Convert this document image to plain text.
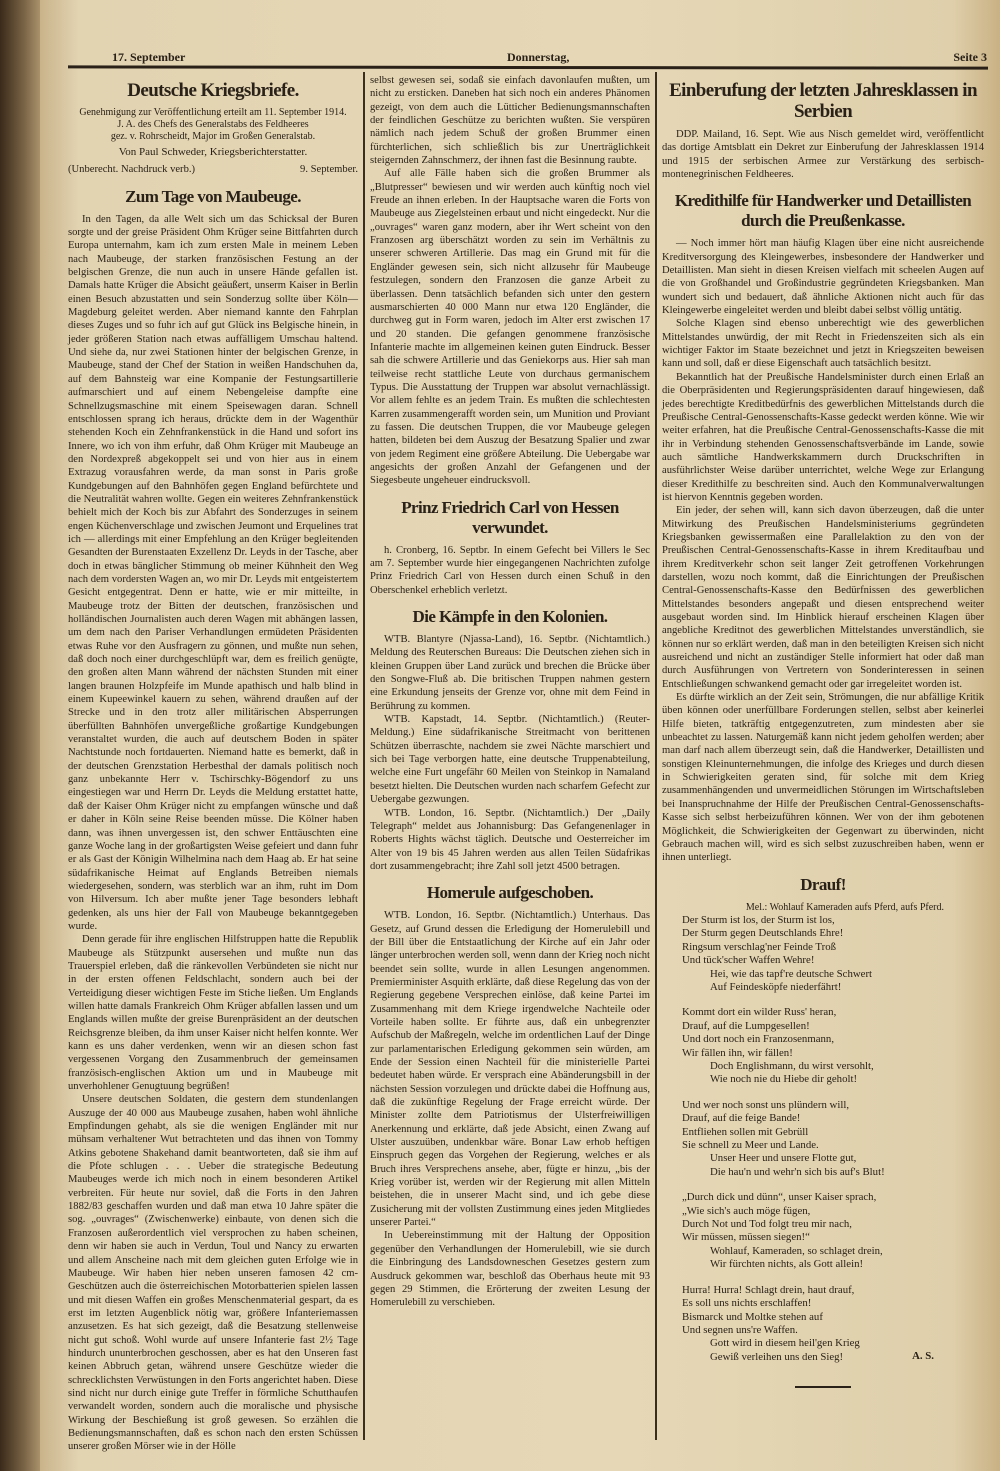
17. September	Donnerstag,	Seite 3
Deutsche Kriegsbriefe.

Genehmigung zur Veröffentlichung erteilt am 11. September 1914.

J. A. des Chefs des Generalstabs des Feldheeres

gez. v. Rohrscheidt, Major im Großen Generalstab.

Von Paul Schweder, Kriegsberichterstatter.

(Unberecht. Nachdruck verb.)	9. September.

Zum Tage von Maubeuge.

In den Tagen, da alle Welt sich um das Schicksal der Buren sorgte und der greise Präsident Ohm Krüger seine Bittfahrten durch Europa unternahm, kam ich zum ersten Male in meinem Leben nach Maubeuge, der starken französischen Festung an der belgischen Grenze, die nun auch in unsere Hände gefallen ist. Damals hatte Krüger die Absicht geäußert, unserm Kaiser in Berlin einen Besuch abzustatten und sein Sonderzug sollte über Köln—Magdeburg geleitet werden. Aber niemand kannte den Fahrplan dieses Zuges und so fuhr ich auf gut Glück ins Belgische hinein, in jeder größeren Station nach etwas auffälligem Umschau haltend. Und siehe da, nur zwei Stationen hinter der belgischen Grenze, in Maubeuge, stand der Chef der Station in weißen Handschuhen da, auf dem Bahnsteig war eine Kompanie der Festungsartillerie aufmarschiert und auf einem Nebengeleise dampfte eine Schnellzugsmaschine mit einem Speisewagen daran. Schnell entschlossen sprang ich heraus, drückte dem in der Wagenthür stehenden Koch ein Zehnfrankenstück in die Hand und sofort ins Innere, wo ich von ihm erfuhr, daß Ohm Krüger mit Maubeuge an den Nordexpreß abgekoppelt sei und von hier aus in einem Extrazug vorausfahren werde, da man sonst in Paris große Kundgebungen auf den Bahnhöfen gegen England befürchtete und die Neutralität wahren wollte. Gegen ein weiteres Zehnfrankenstück behielt mich der Koch bis zur Abfahrt des Sonderzuges in seinem engen Küchenverschlage und zwischen Jeumont und Erquelines trat ich — allerdings mit einer Empfehlung an den Krüger begleitenden Gesandten der Burenstaaten Exzellenz Dr. Leyds in der Tasche, aber doch in etwas bänglicher Stimmung ob meiner Kühnheit den Weg nach dem vordersten Wagen an, wo mir Dr. Leyds mit entgeistertem Gesicht entgegentrat. Denn er hatte, wie er mir mitteilte, in Maubeuge trotz der Bitten der deutschen, französischen und holländischen Journalisten auch deren Wagen mit abhängen lassen, um dem nach den Pariser Verhandlungen ermüdeten Präsidenten etwas Ruhe vor den Ausfragern zu gönnen, und mußte nun sehen, daß doch noch einer durchgeschlüpft war, dem es freilich genügte, den großen alten Mann während der nächsten Stunden mit einer langen braunen Holzpfeife im Munde apathisch und halb blind in einem Kupeewinkel kauern zu sehen, während draußen auf der Strecke und in den trotz aller militärischen Absperrungen überfüllten Bahnhöfen unvergeßliche großartige Kundgebungen veranstaltet wurden, die auch auf deutschem Boden in später Nachtstunde noch fortdauerten. Niemand hatte es bemerkt, daß in der deutschen Grenzstation Herbesthal der damals politisch noch ganz unbekannte Herr v. Tschirschky-Bögendorf zu uns eingestiegen war und Herrn Dr. Leyds die Meldung erstattet hatte, daß der Kaiser Ohm Krüger nicht zu empfangen wünsche und daß er daher in Köln seine Reise beenden müsse. Die Kölner haben dann, was ihnen unvergessen ist, den schwer Enttäuschten eine ganze Woche lang in der großartigsten Weise gefeiert und dann fuhr er als Gast der Königin Wilhelmina nach dem Haag ab. Er hat seine südafrikanische Heimat auf Englands Betreiben niemals wiedergesehen, sondern, was sterblich war an ihm, ruht im Dom von Hilversum. Ich aber mußte jener Tage besonders lebhaft gedenken, als uns hier der Fall von Maubeuge bekanntgegeben wurde.

Denn gerade für ihre englischen Hilfstruppen hatte die Republik Maubeuge als Stützpunkt ausersehen und mußte nun das Trauerspiel erleben, daß die ränkevollen Verbündeten sie nicht nur in der ersten offenen Feldschlacht, sondern auch bei der Verteidigung dieser wichtigen Feste im Stiche ließen. Um Englands willen hatte damals Frankreich Ohm Krüger abfallen lassen und um Englands willen mußte der greise Burenpräsident an der deutschen Reichsgrenze bleiben, da ihm unser Kaiser nicht helfen konnte. Wer kann es uns daher verdenken, wenn wir an diesen schon fast vergessenen Vorgang den Zusammenbruch der gemeinsamen französisch-englischen Aktion um und in Maubeuge mit unverhohlener Genugtuung begrüßen!

Unsere deutschen Soldaten, die gestern dem stundenlangen Auszuge der 40 000 aus Maubeuge zusahen, haben wohl ähnliche Empfindungen gehabt, als sie die wenigen Engländer mit nur mühsam verhaltener Wut betrachteten und das ihnen von Tommy Atkins gebotene Shakehand damit beantworteten, daß sie ihm auf die Pfote schlugen . . . Ueber die strategische Bedeutung Maubeuges werde ich mich noch in einem besonderen Artikel verbreiten. Für heute nur soviel, daß die Forts in den Jahren 1882/83 geschaffen wurden und daß man etwa 10 Jahre später die sog. „ouvrages“ (Zwischenwerke) einbaute, von denen sich die Franzosen außerordentlich viel versprochen zu haben scheinen, denn wir haben sie auch in Verdun, Toul und Nancy zu erwarten und allem Anscheine nach mit dem gleichen guten Erfolge wie in Maubeuge. Wir haben hier neben unseren famosen 42 cm-Geschützen auch die österreichischen Motorbatterien spielen lassen und mit diesen Waffen ein großes Menschenmaterial gespart, da es erst im letzten Augenblick nötig war, größere Infanteriemassen anzusetzen. Es hat sich gezeigt, daß die Besatzung stellenweise nicht gut schoß. Wohl wurde auf unsere Infanterie fast 2½ Tage hindurch ununterbrochen geschossen, aber es hat den Unseren fast keinen Abbruch getan, während unsere Geschütze wieder die schrecklichsten Verwüstungen in den Forts angerichtet haben. Diese sind nicht nur durch einige gute Treffer in förmliche Schutthaufen verwandelt worden, sondern auch die moralische und physische Wirkung der Beschießung ist groß gewesen. So erzählen die Bedienungsmannschaften, daß es schon nach den ersten Schüssen unserer großen Mörser wie in der Hölle

selbst gewesen sei, sodaß sie einfach davonlaufen mußten, um nicht zu ersticken. Daneben hat sich noch ein anderes Phänomen gezeigt, von dem auch die Lütticher Bedienungsmannschaften der feindlichen Geschütze zu berichten wußten. Sie verspüren nämlich nach jedem Schuß der großen Brummer einen fürchterlichen, sich schließlich bis zur Unerträglichkeit steigernden Zahnschmerz, der ihnen fast die Besinnung raubte.

Auf alle Fälle haben sich die großen Brummer als „Blutpresser“ bewiesen und wir werden auch künftig noch viel Freude an ihnen erleben. In der Hauptsache waren die Forts von Maubeuge aus Ziegelsteinen erbaut und nicht eingedeckt. Nur die „ouvrages“ waren ganz modern, aber ihr Wert scheint von den Franzosen arg überschätzt worden zu sein im Verhältnis zu unserer schweren Artillerie. Das mag ein Grund mit für die Engländer gewesen sein, sich nicht allzusehr für Maubeuge festzulegen, sondern den Franzosen die ganze Arbeit zu überlassen. Denn tatsächlich befanden sich unter den gestern ausmarschierten 40 000 Mann nur etwa 120 Engländer, die durchweg gut in Form waren, jedoch im Alter erst zwischen 17 und 20 standen. Die gefangen genommene französische Infanterie machte im allgemeinen keinen guten Eindruck. Besser sah die schwere Artillerie und das Geniekorps aus. Hier sah man teilweise recht stattliche Leute von durchaus germanischem Typus. Die Ausstattung der Truppen war absolut vernachlässigt. Vor allem fehlte es an jedem Train. Es mußten die schlechtesten Karren zusammengerafft worden sein, um Munition und Proviant zu fassen. Die deutschen Truppen, die vor Maubeuge gelegen hatten, bildeten bei dem Auszug der Besatzung Spalier und zwar von jedem Regiment eine größere Abteilung. Die Uebergabe war angesichts der großen Anzahl der Gefangenen und der Siegesbeute ungeheuer eindrucksvoll.

Prinz Friedrich Carl von Hessen verwundet.

h. Cronberg, 16. Septbr. In einem Gefecht bei Villers le Sec am 7. September wurde hier eingegangenen Nachrichten zufolge Prinz Friedrich Carl von Hessen durch einen Schuß in den Oberschenkel erheblich verletzt.

Die Kämpfe in den Kolonien.

WTB. Blantyre (Njassa-Land), 16. Septbr. (Nichtamtlich.) Meldung des Reuterschen Bureaus: Die Deutschen ziehen sich in kleinen Gruppen über Land zurück und brechen die Brücke über den Songwe-Fluß ab. Die britischen Truppen nahmen gestern eine Erkundung jenseits der Grenze vor, ohne mit dem Feind in Berührung zu kommen.

WTB. Kapstadt, 14. Septbr. (Nichtamtlich.) (Reuter-Meldung.) Eine südafrikanische Streitmacht von berittenen Schützen überraschte, nachdem sie zwei Nächte marschiert und sich bei Tage verborgen hatte, eine deutsche Truppenabteilung, welche eine Furt ungefähr 60 Meilen von Steinkop in Namaland besetzt hielten. Die Deutschen wurden nach scharfem Gefecht zur Uebergabe gezwungen.

WTB. London, 16. Septbr. (Nichtamtlich.) Der „Daily Telegraph“ meldet aus Johannisburg: Das Gefangenenlager in Roberts Hights wächst täglich. Deutsche und Oesterreicher im Alter von 19 bis 45 Jahren werden aus allen Teilen Südafrikas dort zusammengebracht; ihre Zahl soll jetzt 4500 betragen.

Homerule aufgeschoben.

WTB. London, 16. Septbr. (Nichtamtlich.) Unterhaus. Das Gesetz, auf Grund dessen die Erledigung der Homerulebill und der Bill über die Entstaatlichung der Kirche auf ein Jahr oder länger unterbrochen werden soll, wenn dann der Krieg noch nicht beendet sein sollte, wurde in allen Lesungen angenommen. Premierminister Asquith erklärte, daß diese Regelung das von der Regierung gegebene Versprechen einlöse, daß keine Partei im Zusammenhang mit dem Kriege irgendwelche Nachteile oder Vorteile haben sollte. Er führte aus, daß ein unbegrenzter Aufschub der Maßregeln, welche im ordentlichen Lauf der Dinge zur parlamentarischen Erledigung gekommen sein würden, am Ende der Session einen Nachteil für die ministerielle Partei bedeutet haben würde. Er versprach eine Abänderungsbill in der nächsten Session vorzulegen und drückte dabei die Hoffnung aus, daß die zukünftige Regelung der Frage erreicht würde. Der Minister zollte dem Patriotismus der Ulsterfreiwilligen Anerkennung und erklärte, daß jede Absicht, einen Zwang auf Ulster auszuüben, undenkbar wäre. Bonar Law erhob heftigen Einspruch gegen das Vorgehen der Regierung, welches er als Bruch ihres Versprechens ansehe, aber, fügte er hinzu, „bis der Krieg vorüber ist, werden wir der Regierung mit allen Mitteln beistehen, die in unserer Macht sind, und ich gebe diese Zusicherung mit der vollsten Zustimmung eines jeden Mitgliedes unserer Partei.“

In Uebereinstimmung mit der Haltung der Opposition gegenüber den Verhandlungen der Homerulebill, wie sie durch die Einbringung des Landsdowneschen Gesetzes gestern zum Ausdruck gekommen war, beschloß das Oberhaus heute mit 93 gegen 29 Stimmen, die Erörterung der zweiten Lesung der Homerulebill zu verschieben.

Einberufung der letzten Jahresklassen in Serbien

DDP. Mailand, 16. Sept. Wie aus Nisch gemeldet wird, veröffentlicht das dortige Amtsblatt ein Dekret zur Einberufung der Jahresklassen 1914 und 1915 der serbischen Armee zur Verstärkung des serbisch-montenegrinischen Feldheeres.

Kredithilfe für Handwerker und Detaillisten durch die Preußenkasse.

— Noch immer hört man häufig Klagen über eine nicht ausreichende Kreditversorgung des Kleingewerbes, insbesondere der Handwerker und Detaillisten. Man sieht in diesen Kreisen vielfach mit scheelen Augen auf die von Großhandel und Großindustrie gegründeten Kriegsbanken. Man wundert sich und bedauert, daß ähnliche Aktionen nicht auch für das Kleingewerbe eingeleitet werden und bleibt dabei selbst völlig untätig.

Solche Klagen sind ebenso unberechtigt wie des gewerblichen Mittelstandes unwürdig, der mit Recht in Friedenszeiten sich als ein wichtiger Faktor im Staate bezeichnet und jetzt in Kriegszeiten beweisen kann und soll, daß er diese Eigenschaft auch tatsächlich besitzt.

Bekanntlich hat der Preußische Handelsminister durch einen Erlaß an die Oberpräsidenten und Regierungspräsidenten darauf hingewiesen, daß jedes berechtigte Kreditbedürfnis des gewerblichen Mittelstands durch die Preußische Central-Genossenschafts-Kasse gedeckt werden könne. Wie wir weiter erfahren, hat die Preußische Central-Genossenschafts-Kasse die mit ihr in Verbindung stehenden Genossenschaftsverbände im Lande, sowie auch sämtliche Handwerkskammern durch Druckschriften in ausführlichster Weise darüber unterrichtet, welche Wege zur Erlangung dieser Kredithilfe zu beschreiten sind. Auch den Kommunalverwaltungen ist hiervon Kenntnis gegeben worden.

Ein jeder, der sehen will, kann sich davon überzeugen, daß die unter Mitwirkung des Preußischen Handelsministeriums gegründeten Kriegsbanken gewissermaßen eine Parallelaktion zu den von der Preußischen Central-Genossenschafts-Kasse in ihrem Kreditaufbau und ihrem Kreditverkehr schon seit langer Zeit getroffenen Vorkehrungen darstellen, wozu noch kommt, daß die Einrichtungen der Preußischen Central-Genossenschafts-Kasse den Bedürfnissen des gewerblichen Mittelstandes besonders angepaßt und diesen entsprechend weiter ausgebaut worden sind. Im Hinblick hierauf erscheinen Klagen über angebliche Kreditnot des gewerblichen Mittelstandes unverständlich, sie können nur so erklärt werden, daß man in den beteiligten Kreisen sich nicht ausreichend und nicht an zuständiger Stelle informiert hat oder daß man durch Ausführungen von Vertretern von Sonderinteressen in seinen Entschließungen schwankend gemacht oder gar irregeleitet worden ist.

Es dürfte wirklich an der Zeit sein, Strömungen, die nur abfällige Kritik üben können oder unerfüllbare Forderungen stellen, selbst aber keinerlei Hilfe bieten, tatkräftig entgegenzutreten, zum mindesten aber sie unbeachtet zu lassen. Naturgemäß kann nicht jedem geholfen werden; aber man darf nach allem überzeugt sein, daß die Handwerker, Detaillisten und sonstigen Kleinunternehmungen, die infolge des Krieges und durch diesen in Schwierigkeiten geraten sind, für solche mit dem Krieg zusammenhängenden und unvermeidlichen Störungen im Wirtschaftsleben bei Inanspruchnahme der Hilfe der Preußischen Central-Genossenschafts-Kasse sich selbst herbeizuführen können. Wer von der ihm gebotenen Möglichkeit, die Schwierigkeiten der Gegenwart zu überwinden, nicht Gebrauch machen will, wird es sich selbst zuzuschreiben haben, wenn er ihnen unterliegt.

Drauf!
Mel.: Wohlauf Kameraden aufs Pferd, aufs Pferd.
Der Sturm ist los, der Sturm ist los,
Der Sturm gegen Deutschlands Ehre!
Ringsum verschlag'ner Feinde Troß
Und tück'scher Waffen Wehre!
Hei, wie das tapf're deutsche Schwert
Auf Feindesköpfe niederfährt!
Kommt dort ein wilder Russ' heran,
Drauf, auf die Lumpgesellen!
Und dort noch ein Franzosenmann,
Wir fällen ihn, wir fällen!
Doch Englishmann, du wirst versohlt,
Wie noch nie du Hiebe dir geholt!
Und wer noch sonst uns plündern will,
Drauf, auf die feige Bande!
Entfliehen sollen mit Gebrüll
Sie schnell zu Meer und Lande.
Unser Heer und unsere Flotte gut,
Die hau'n und wehr'n sich bis auf's Blut!
„Durch dick und dünn“, unser Kaiser sprach,
„Wie sich's auch möge fügen,
Durch Not und Tod folgt treu mir nach,
Wir müssen, müssen siegen!“
Wohlauf, Kameraden, so schlaget drein,
Wir fürchten nichts, als Gott allein!
Hurra! Hurra! Schlagt drein, haut drauf,
Es soll uns nichts erschlaffen!
Bismarck und Moltke stehen auf
Und segnen uns're Waffen.
Gott wird in diesem heil'gen Krieg
Gewiß verleihen uns den Sieg!	A. S.
